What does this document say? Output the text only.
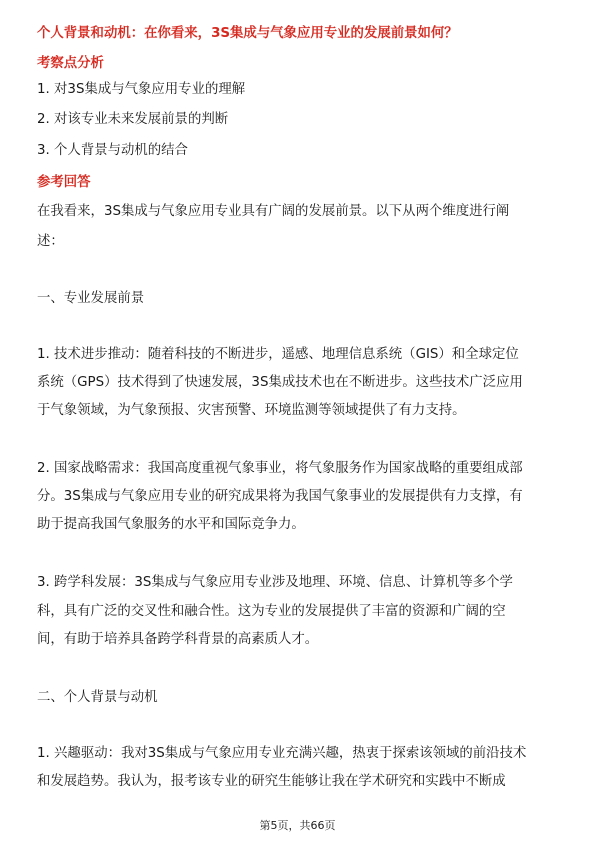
个人背景和动机：在你看来，3S集成与气象应用专业的发展前景如何？
考察点分析
1. 对3S集成与气象应用专业的理解
2. 对该专业未来发展前景的判断
3. 个人背景与动机的结合
参考回答
在我看来，3S集成与气象应用专业具有广阔的发展前景。以下从两个维度进行阐
述：
一、专业发展前景
1. 技术进步推动：随着科技的不断进步，遥感、地理信息系统（GIS）和全球定位
系统（GPS）技术得到了快速发展，3S集成技术也在不断进步。这些技术广泛应用
于气象领域，为气象预报、灾害预警、环境监测等领域提供了有力支持。
2. 国家战略需求：我国高度重视气象事业，将气象服务作为国家战略的重要组成部
分。3S集成与气象应用专业的研究成果将为我国气象事业的发展提供有力支撑，有
助于提高我国气象服务的水平和国际竞争力。
3. 跨学科发展：3S集成与气象应用专业涉及地理、环境、信息、计算机等多个学
科，具有广泛的交叉性和融合性。这为专业的发展提供了丰富的资源和广阔的空
间，有助于培养具备跨学科背景的高素质人才。
二、个人背景与动机
1. 兴趣驱动：我对3S集成与气象应用专业充满兴趣，热衷于探索该领域的前沿技术
和发展趋势。我认为，报考该专业的研究生能够让我在学术研究和实践中不断成
第5页，共66页
